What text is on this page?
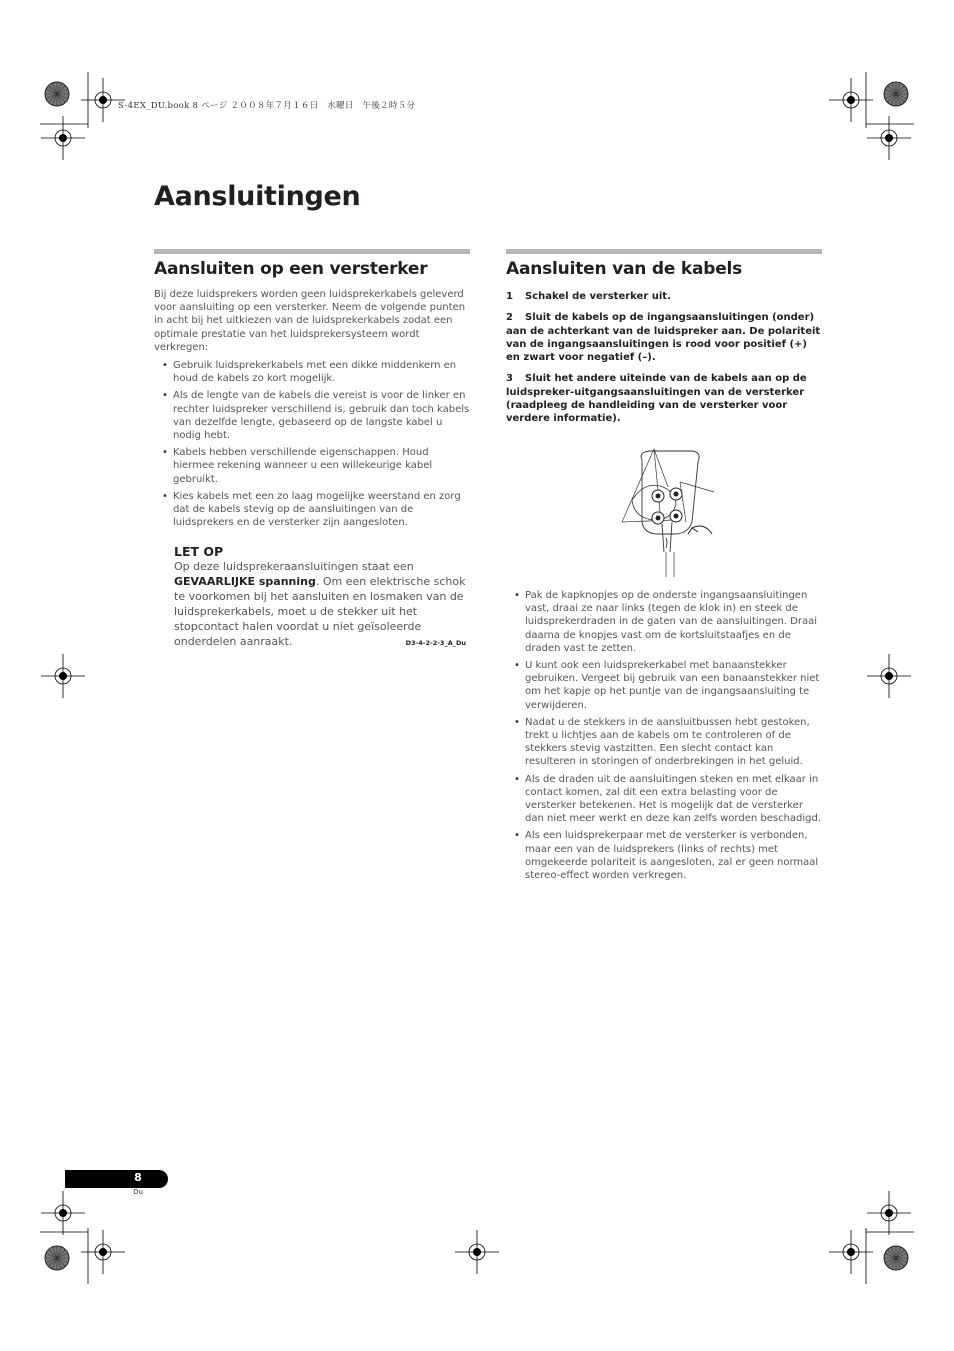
S-4EX_DU.book 8 ページ ２００８年７月１６日　水曜日　午後２時５分
Aansluitingen
Aansluiten op een versterker

Bij deze luidsprekers worden geen luidsprekerkabels geleverd voor aansluiting op een versterker. Neem de volgende punten in acht bij het uitkiezen van de luidsprekerkabels zodat een optimale prestatie van het luidsprekersysteem wordt verkregen:

• Gebruik luidsprekerkabels met een dikke middenkern en houd de kabels zo kort mogelijk.
• Als de lengte van de kabels die vereist is voor de linker en rechter luidspreker verschillend is, gebruik dan toch kabels van dezelfde lengte, gebaseerd op de langste kabel u nodig hebt.
• Kabels hebben verschillende eigenschappen. Houd hiermee rekening wanneer u een willekeurige kabel gebruikt.
• Kies kabels met een zo laag mogelijke weerstand en zorg dat de kabels stevig op de aansluitingen van de luidsprekers en de versterker zijn aangesloten.
LET OP

Op deze luidsprekeraansluitingen staat een GEVAARLIJKE spanning. Om een elektrische schok te voorkomen bij het aansluiten en losmaken van de luidsprekerkabels, moet u de stekker uit het stopcontact halen voordat u niet geïsoleerde onderdelen aanraakt.	D3-4-2-2-3_A_Du
Aansluiten van de kabels

1 Schakel de versterker uit.

2 Sluit de kabels op de ingangsaansluitingen (onder) aan de achterkant van de luidspreker aan. De polariteit van de ingangsaansluitingen is rood voor positief (+) en zwart voor negatief (–).

3 Sluit het andere uiteinde van de kabels aan op de luidspreker-uitgangsaansluitingen van de versterker (raadpleeg de handleiding van de versterker voor verdere informatie).

• Pak de kapknopjes op de onderste ingangsaansluitingen vast, draai ze naar links (tegen de klok in) en steek de luidsprekerdraden in de gaten van de aansluitingen. Draai daarna de knopjes vast om de kortsluitstaafjes en de draden vast te zetten.
• U kunt ook een luidsprekerkabel met banaanstekker gebruiken. Vergeet bij gebruik van een banaanstekker niet om het kapje op het puntje van de ingangsaansluiting te verwijderen.
• Nadat u de stekkers in de aansluitbussen hebt gestoken, trekt u lichtjes aan de kabels om te controleren of de stekkers stevig vastzitten. Een slecht contact kan resulteren in storingen of onderbrekingen in het geluid.
• Als de draden uit de aansluitingen steken en met elkaar in contact komen, zal dit een extra belasting voor de versterker betekenen. Het is mogelijk dat de versterker dan niet meer werkt en deze kan zelfs worden beschadigd.
• Als een luidsprekerpaar met de versterker is verbonden, maar een van de luidsprekers (links of rechts) met omgekeerde polariteit is aangesloten, zal er geen normaal stereo-effect worden verkregen.
8
Du
